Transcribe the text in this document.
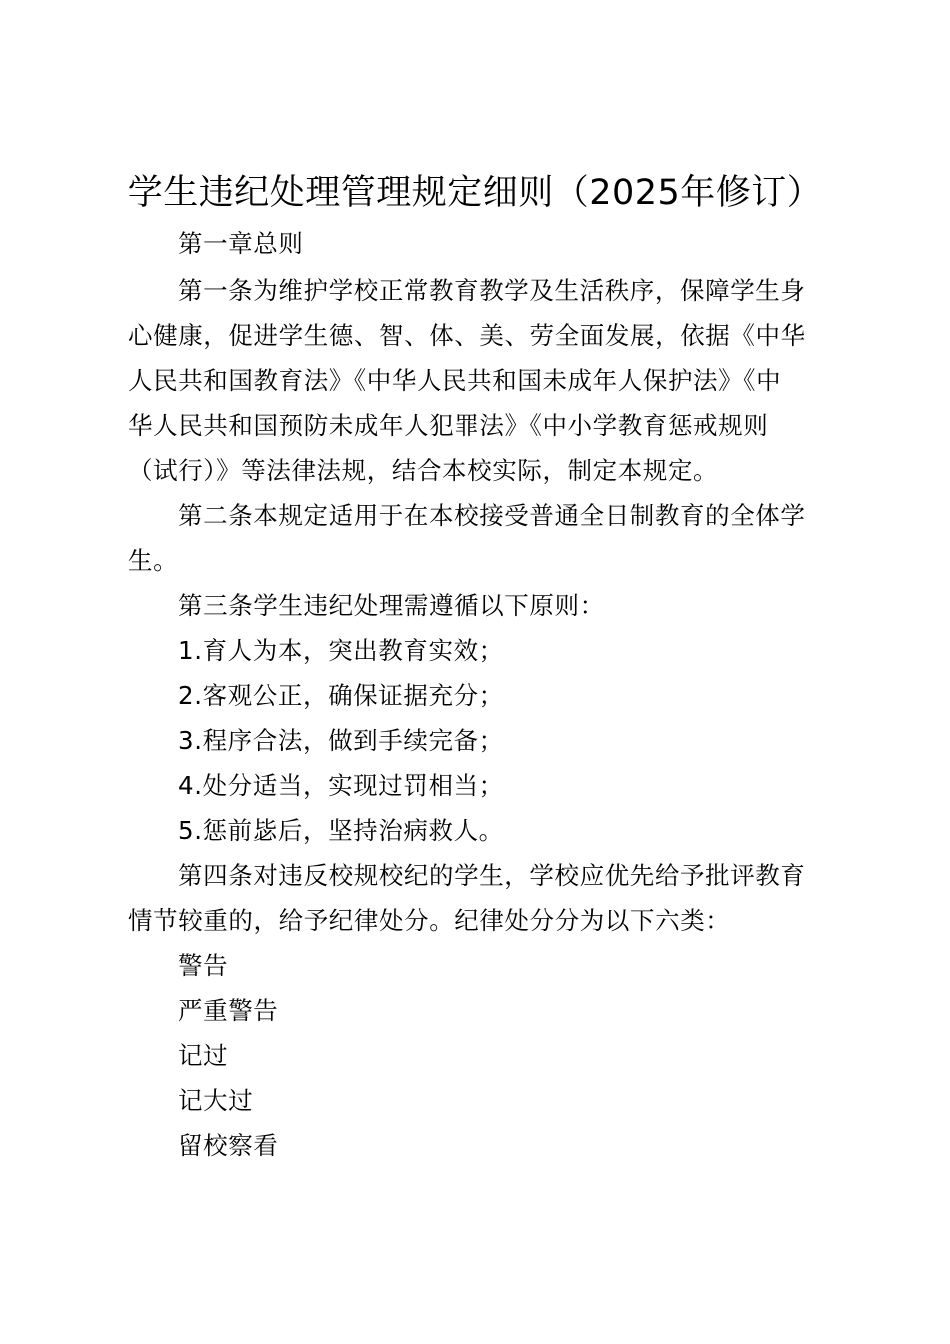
学生违纪处理管理规定细则（2025年修订）
第一章总则
第一条为维护学校正常教育教学及生活秩序，保障学生身
心健康，促进学生德、智、体、美、劳全面发展，依据《中华
人民共和国教育法》《中华人民共和国未成年人保护法》《中
华人民共和国预防未成年人犯罪法》《中小学教育惩戒规则
（试行）》等法律法规，结合本校实际，制定本规定。
第二条本规定适用于在本校接受普通全日制教育的全体学
生。
第三条学生违纪处理需遵循以下原则：
1.育人为本，突出教育实效；
2.客观公正，确保证据充分；
3.程序合法，做到手续完备；
4.处分适当，实现过罚相当；
5.惩前毖后，坚持治病救人。
第四条对违反校规校纪的学生，学校应优先给予批评教育
情节较重的，给予纪律处分。纪律处分分为以下六类：
警告
严重警告
记过
记大过
留校察看
